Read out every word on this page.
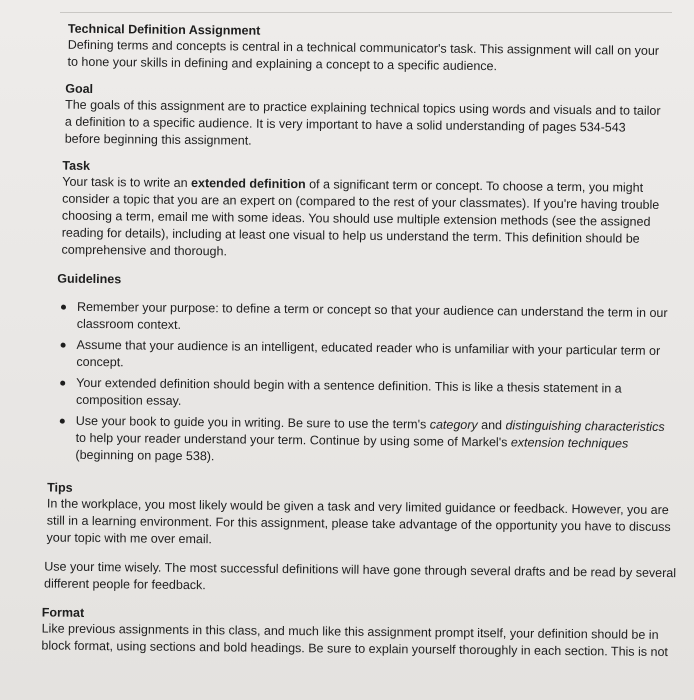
Technical Definition Assignment
Defining terms and concepts is central in a technical communicator's task. This assignment will call on your to hone your skills in defining and explaining a concept to a specific audience.
Goal
The goals of this assignment are to practice explaining technical topics using words and visuals and to tailor a definition to a specific audience. It is very important to have a solid understanding of pages 534-543 before beginning this assignment.
Task
Your task is to write an extended definition of a significant term or concept. To choose a term, you might consider a topic that you are an expert on (compared to the rest of your classmates). If you're having trouble choosing a term, email me with some ideas. You should use multiple extension methods (see the assigned reading for details), including at least one visual to help us understand the term. This definition should be comprehensive and thorough.
Guidelines
Remember your purpose: to define a term or concept so that your audience can understand the term in our classroom context.
Assume that your audience is an intelligent, educated reader who is unfamiliar with your particular term or concept.
Your extended definition should begin with a sentence definition. This is like a thesis statement in a composition essay.
Use your book to guide you in writing. Be sure to use the term's category and distinguishing characteristics to help your reader understand your term. Continue by using some of Markel's extension techniques (beginning on page 538).
Tips
In the workplace, you most likely would be given a task and very limited guidance or feedback. However, you are still in a learning environment. For this assignment, please take advantage of the opportunity you have to discuss your topic with me over email.
Use your time wisely. The most successful definitions will have gone through several drafts and be read by several different people for feedback.
Format
Like previous assignments in this class, and much like this assignment prompt itself, your definition should be in block format, using sections and bold headings. Be sure to explain yourself thoroughly in each section. This is not
